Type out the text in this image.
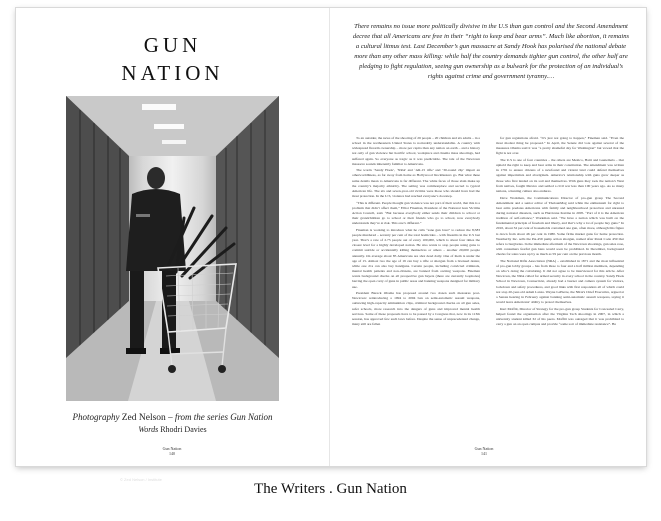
GUN
NATION
© Zed Nelson / Institute
Photography Zed Nelson – from the series Gun Nation
Words Rhodri Davies
Gun Nation
140

There remains no issue more politically divisive in the U.S than gun control and the Second Amendment decree that all Americans are free in their “right to keep and bear arms”. Much like abortion, it remains a cultural litmus test. Last December’s gun massacre at Sandy Hook has polarised the national debate more than any other mass killing: while half the country demands tighter gun control, the other half are pledging to fight regulation, seeing gun ownership as a bulwark for the protection of an individual’s rights against crime and government tyranny.…

To an outsider, the news of the shooting of 26 people – 20 children and six adults – in a school in the northeastern United States is noticeably understandable. A country with widespread firearm ownership – more per capita than any nation on earth – and a history not only of gun violence but horrific school, workplace and cinema mass shootings, had suffered again. So everyone as tragic as it was predictable. The tale of the Newtown massacre sounds inherently familiar to Americans.

The words ‘Sandy Hook’, ‘NRA’ and ‘AR-15 rifle’ and ’30-round clip’ impart an otherworldliness, as far away from home as Hollywood blockbusters go. But what these same details mean to Americans is far different. The white faces of those slain make up the country’s majority ethnicity. The setting was commonplace and sacred to typical American life. The six and seven-year-old victims were those who should have had the most protection. In the U.S, violence had reached everyone’s doorstep.

“This is different. People thought gun violence was not part of their world, that this is a problem that didn’t affect them,” Elliot Fineman, President of the National Gun Victims Action Council, said. “But because everybody either sends their children to school or their grandchildren go to school or their friends who go to school, now everybody understands they’re at risk. This one’s different.”

Fineman is working to introduce what he calls “sane gun laws” to reduce the 8,583 people murdered – seventy per cent of the total homicides – with firearms in the U.S last year. That’s a rate of 2.75 people out of every 100,000, which is about four times the closest level for a highly developed nation. He also wants to stop people using guns to commit suicide or accidentally killing themselves or others – another 20,000 people annually. On average about 85 Americans are shot dead daily. One of them is under the age of 15. Almost two the age of 19 can buy a rifle or shotgun from a licensed dealer, while one 21s can also buy handguns. Certain people, including convicted criminals, mental health patients and non-citizens, are banned from owning weapons. Fineman wants background checks on all prospective gun buyers (there are currently loopholes) barring the open carry of guns in public areas and banning weapons designed for military use.

President Barack Obama has proposed around two dozen such measures post-Newtown: reintroducing a 1994 to 2004 ban on semi-automatic assault weapons, outlawing high-capacity ammunition clips, criminal background checks on all gun sales, safer schools, more research into the dangers of guns and improved mental health services. Some of these proposals have to be passed by a Congress that, now in its 113th session, has approved few such laws before. Despite the sense of unprecedented change, many still are fallen

for gun regulations afraid. “It’s just not going to happen,” Fineman said. “Even the most modest thing he proposed.” In April, the Senate did vote against several of the measures Obama said it was “a pretty shameful day for Washington” but vowed that the fight is not over.

The U.S is one of four countries – the others are Mexico, Haiti and Guatemala – that uphold the right to keep and bear arms in their constitution. The amendment was written in 1791 to ensure citizens of a newfound and violent land could defend themselves against imperialists and aboriginals. America’s relationship with guns grew deeper as those who first landed on its soil and themselves. With guns they took the nation’s West from natives, fought Mexico and settled a civil war less than 100 years ago. As so many nations, a hunting culture also endures.

Dave Workman, the Communications Director of pro-gun group The Second Amendment and a senior editor of TheGunMag said while the enthusiasm for right to bear arms predates Americans with family and neighbourhood protection and unrested during national disasters, such as Hurricane Katrina in 2005. “Part of it is the American tradition of self-reliance,” Workman said. “We have a nation which was built on the fundamental principle of freedom and liberty, and that’s why a lot of people buy guns.” In 2010, about 32 per cent of households contained one gun, often more, although this figure is down from about 46 per cent in 1980. Some firms market guns for home protection. Weatherby Inc. sells the PA-459 pump action shotgun, named after Penal Code 459 that refers to burglaries. In the immediate aftermath of the Newtown shootings, gun sales rose, with consumers fearful gun bans would soon be prohibited. In December, background checks for sales were up by as much as 59 per cent on the previous month.

The National Rifle Association (NRA) – established in 1871 and the most influential of pro-gun lobby groups – has from three to four and a half million members, depending on who’s doing the calculating. It did not agree to be interviewed for this article. After Newtown, the NRA called for armed security in every school in the country. Sandy Hook School in Newtown, Connecticut, already had a buzzer and camera system for visitors, lockdown and safety procedures, and good links with first responders all of which could not stop 20-year-old Adam Lanza. Wayne LaPierre, the NRA’s Chief Executive, argued at a Senate hearing in February against banning semi-automatic assault weapons, saying it would leave Americans’ ability to protect themselves.

Kurt Moffitt, Director of Strategy for the pro-gun group Students for Concealed Carry, helped found the organisation after the Virginia Tech shootings in 2007, in which a university student killed 32 of his peers. Moffitt was outraged that it was prohibited to carry a gun on an open campus and provide “some sort of immediate resistance”. He

Gun Nation
141
The Writers . Gun Nation
